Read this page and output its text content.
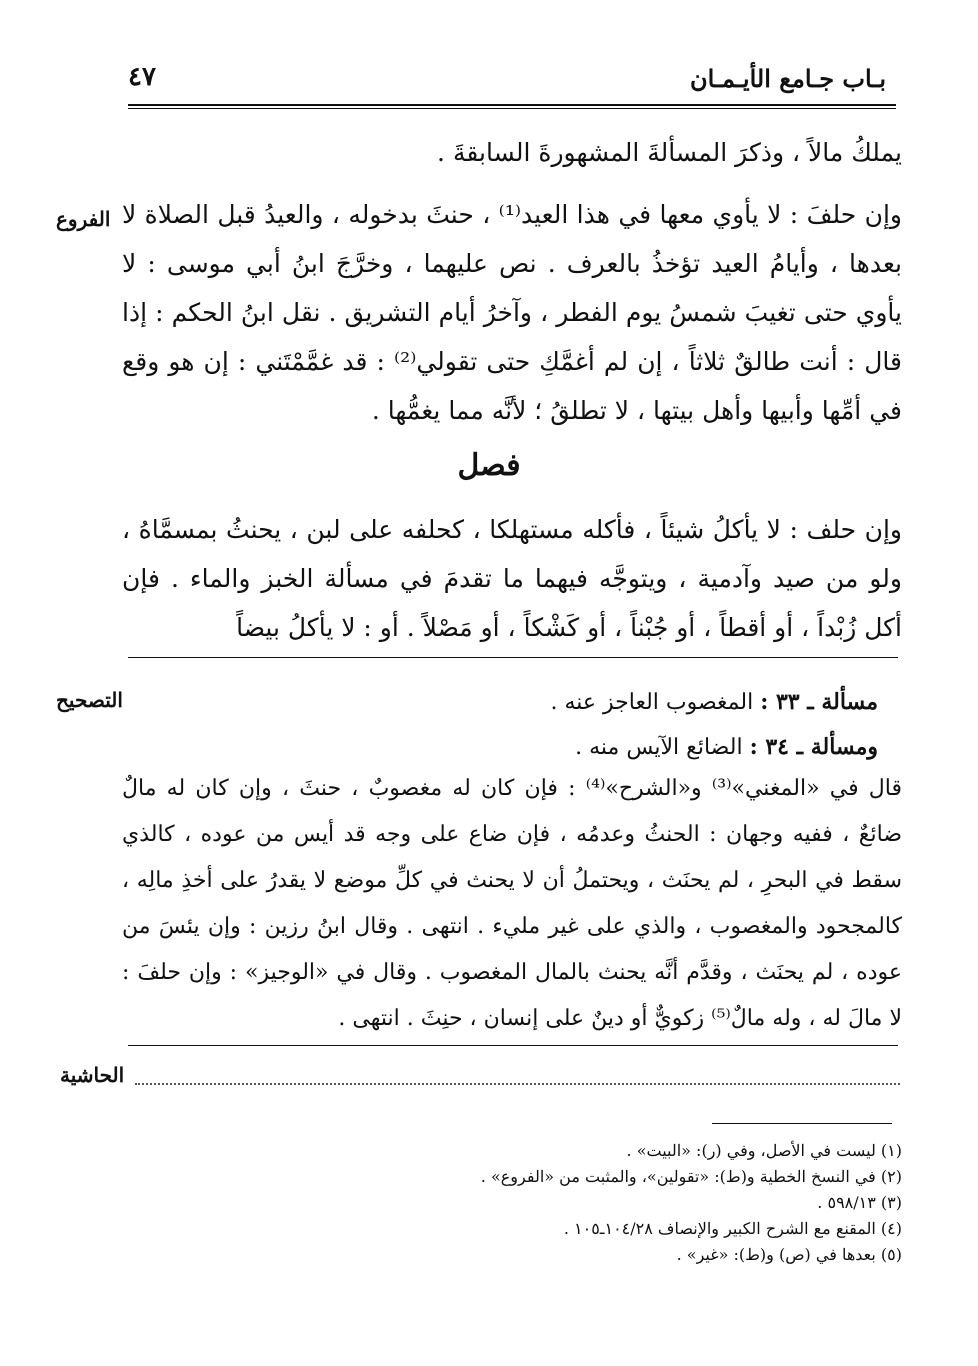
بـاب جـامع الأيـمـان
٤٧
الفروع
التصحيح
الحاشية
يملكُ مالاً ، وذكرَ المسألةَ المشهورةَ السابقةَ .
وإن حلفَ : لا يأوي معها في هذا العيد⁽¹⁾ ، حنثَ بدخوله ، والعيدُ قبل الصلاة لا بعدها ، وأيامُ العيد تؤخذُ بالعرف . نص عليهما ، وخرَّجَ ابنُ أبي موسى : لا يأوي حتى تغيبَ شمسُ يوم الفطر ، وآخرُ أيام التشريق . نقل ابنُ الحكم : إذا قال : أنت طالقٌ ثلاثاً ، إن لم أغمَّكِ حتى تقولي⁽²⁾ : قد غمَّمْتَني : إن هو وقع في أمِّها وأبيها وأهل بيتها ، لا تطلقُ ؛ لأنَّه مما يغمُّها .
فصل
وإن حلف : لا يأكلُ شيئاً ، فأكله مستهلكا ، كحلفه على لبن ، يحنثُ بمسمَّاهُ ، ولو من صيد وآدمية ، ويتوجَّه فيهما ما تقدمَ في مسألة الخبز والماء . فإن أكل زُبْداً ، أو أقطاً ، أو جُبْناً ، أو كَشْكاً ، أو مَصْلاً . أو : لا يأكلُ بيضاً
مسألة ـ ٣٣ : المغصوب العاجز عنه .
ومسألة ـ ٣٤ : الضائع الآيس منه .
قال في «المغني»⁽³⁾ و«الشرح»⁽⁴⁾ : فإن كان له مغصوبٌ ، حنثَ ، وإن كان له مالٌ ضائعٌ ، ففيه وجهان : الحنثُ وعدمُه ، فإن ضاع على وجه قد أيس من عوده ، كالذي سقط في البحرِ ، لم يحنَث ، ويحتملُ أن لا يحنث في كلِّ موضع لا يقدرُ على أخذِ مالِه ، كالمجحود والمغصوب ، والذي على غير مليء . انتهى . وقال ابنُ رزين : وإن يئسَ من عوده ، لم يحنَث ، وقدَّم أنَّه يحنث بالمال المغصوب . وقال في «الوجيز» : وإن حلفَ : لا مالَ له ، وله مالٌ⁽⁵⁾ زكويٌّ أو دينٌ على إنسان ، حنِثَ . انتهى .
(١) ليست في الأصل، وفي (ر): «البيت» .
(٢) في النسخ الخطية و(ط): «تقولين»، والمثبت من «الفروع» .
(٣) ٥٩٨/١٣ .
(٤) المقنع مع الشرح الكبير والإنصاف ١٠٤/٢٨ـ١٠٥ .
(٥) بعدها في (ص) و(ط): «غير» .
